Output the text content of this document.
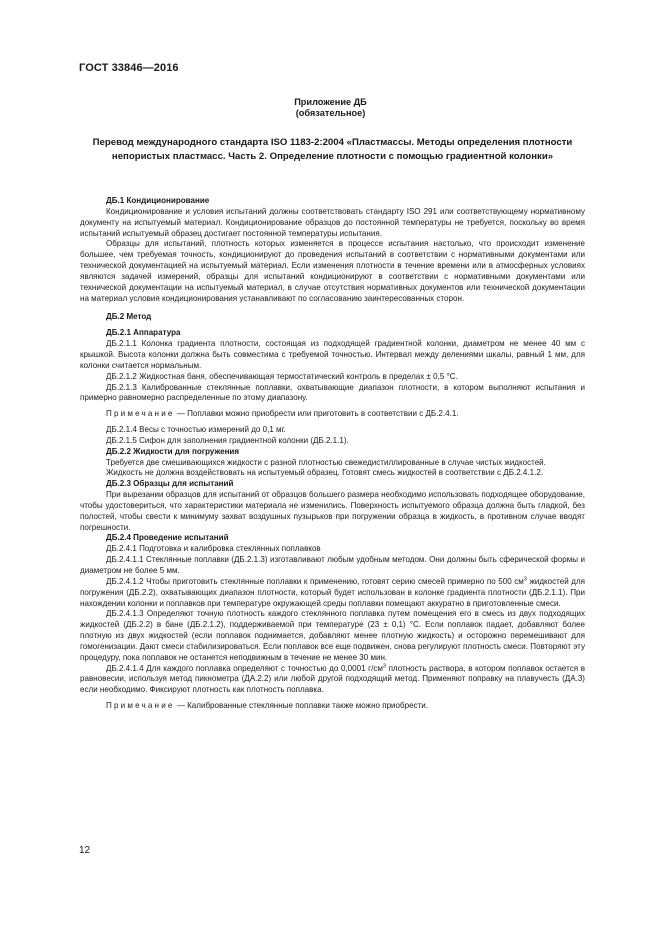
ГОСТ 33846—2016
Приложение ДБ
(обязательное)
Перевод международного стандарта ISO 1183-2:2004 «Пластмассы. Методы определения плотности непористых пластмасс. Часть 2. Определение плотности с помощью градиентной колонки»
ДБ.1 Кондиционирование

Кондиционирование и условия испытаний должны соответствовать стандарту ISO 291 или соответствующему нормативному документу на испытуемый материал. Кондиционирование образцов до постоянной температуры не требуется, поскольку во время испытаний испытуемый образец достигает постоянной температуры испытания.

Образцы для испытаний, плотность которых изменяется в процессе испытания настолько, что происходит изменение большее, чем требуемая точность, кондиционируют до проведения испытаний в соответствии с нормативными документами или технической документацией на испытуемый материал. Если изменения плотности в течение времени или в атмосферных условиях являются задачей измерений, образцы для испытаний кондиционируют в соответствии с нормативными документами или технической документации на испытуемый материал, в случае отсутствия нормативных документов или технической документации на материал условия кондиционирования устанавливают по согласованию заинтересованных сторон.

ДБ.2 Метод
ДБ.2.1 Аппаратура

ДБ.2.1.1 Колонка градиента плотности, состоящая из подходящей градиентной колонки, диаметром не менее 40 мм с крышкой. Высота колонки должна быть совместима с требуемой точностью. Интервал между делениями шкалы, равный 1 мм, для колонки считается нормальным.

ДБ.2.1.2 Жидкостная баня, обеспечивающая термостатический контроль в пределах ± 0,5 °С.

ДБ.2.1.3 Калиброванные стеклянные поплавки, охватывающие диапазон плотности, в котором выполняют испытания и примерно равномерно распределенные по этому диапазону.

Примечание — Поплавки можно приобрести или приготовить в соответствии с ДБ.2.4.1.

ДБ.2.1.4 Весы с точностью измерений до 0,1 мг.

ДБ.2.1.5 Сифон для заполнения градиентной колонки (ДБ.2.1.1).

ДБ.2.2 Жидкости для погружения

Требуется две смешивающихся жидкости с разной плотностью свежедистиллированные в случае чистых жидкостей.

Жидкость не должна воздействовать на испытуемый образец. Готовят смесь жидкостей в соответствии с ДБ.2.4.1.2.

ДБ.2.3 Образцы для испытаний

При вырезании образцов для испытаний от образцов большего размера необходимо использовать подходящее оборудование, чтобы удостовериться, что характеристики материала не изменились. Поверхность испытуемого образца должна быть гладкой, без полостей, чтобы свести к минимуму захват воздушных пузырьков при погружении образца в жидкость, в противном случае вводят погрешности.

ДБ.2.4 Проведение испытаний

ДБ.2.4.1 Подготовка и калибровка стеклянных поплавков

ДБ.2.4.1.1 Стеклянные поплавки (ДБ.2.1.3) изготавливают любым удобным методом. Они должны быть сферической формы и диаметром не более 5 мм.

ДБ.2.4.1.2 Чтобы приготовить стеклянные поплавки к применению, готовят серию смесей примерно по 500 $см^3$ жидкостей для погружения (ДБ.2.2), охватывающих диапазон плотности, который будет использован в колонке градиента плотности (ДБ.2.1.1). При нахождении колонки и поплавков при температуре окружающей среды поплавки помещают аккуратно в приготовленные смеси.

ДБ.2.4.1.3 Определяют точную плотность каждого стеклянного поплавка путем помещения его в смесь из двух подходящих жидкостей (ДБ.2.2) в бане (ДБ.2.1.2), поддерживаемой при температуре (23 ± 0,1) °С. Если поплавок падает, добавляют более плотную из двух жидкостей (если поплавок поднимается, добавляют менее плотную жидкость) и осторожно перемешивают для гомогенизации. Дают смеси стабилизироваться. Если поплавок все еще подвижен, снова регулируют плотность смеси. Повторяют эту процедуру, пока поплавок не останется неподвижным в течение не менее 30 мин.

ДБ.2.4.1.4 Для каждого поплавка определяют с точностью до 0,0001 $г/см^3$ плотность раствора, в котором поплавок остается в равновесии, используя метод пикнометра (ДА.2.2) или любой другой подходящий метод. Применяют поправку на плавучесть (ДА.3) если необходимо. Фиксируют плотность как плотность поплавка.

Примечание — Калиброванные стеклянные поплавки также можно приобрести.

12
